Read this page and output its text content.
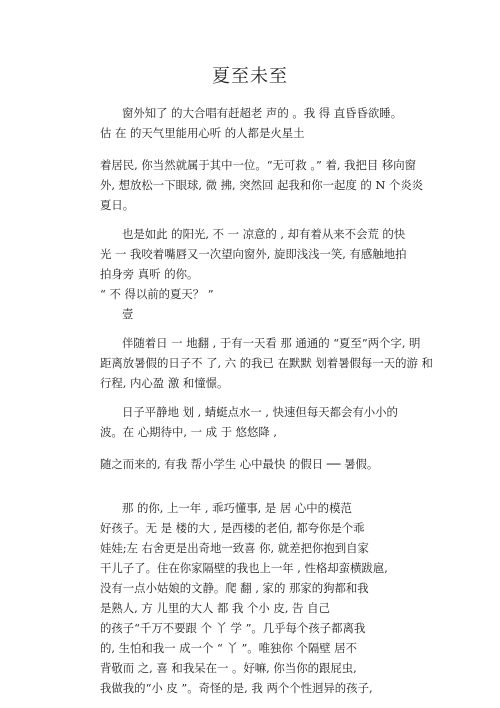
夏至未至
窗外知了 的大合唱有赶超老 声的 。我 得 直昏昏欲睡。
估 在 的天气里能用心听 的人都是火星土
着居民, 你当然就属于其中一位。“无可救 。” 着, 我把目 移向窗
外, 想放松一下眼球, 微 拂, 突然回 起我和你一起度 的 N 个炎炎
夏日。
也是如此 的阳光, 不 一 凉意的 , 却有着从来不会荒 的快
光 一 我咬着嘴唇又一次望向窗外, 旋即浅浅一笑, 有感触地拍
拍身旁 真听 的你。
“ 不 得以前的夏天？ ”
壹
伴随着日 一 地翻 , 于有一天看 那 通通的 “夏至”两个字, 明
距离放暑假的日子不 了, 六 的我已 在默默 划着暑假每一天的游 和
行程, 内心盈 激 和憧憬。
日子平静地 划 , 蜻蜓点水一 , 快速但每天都会有小小的
波。在 心期待中, 一 成 于 悠悠降 ,
随之而来的, 有我 帮小学生 心中最快 的假日 ── 暑假。
那 的你, 上一年 , 乖巧懂事, 是 居 心中的模范
好孩子。无 是 楼的大 , 是西楼的老伯, 都夸你是个乖
娃娃;左 右舍更是出奇地一致喜 你, 就差把你抱到自家
干儿子了。住在你家隔壁的我也上一年 , 性格却蛮横跋扈,
没有一点小姑娘的文静。爬 翻 , 家的 那家的狗都和我
是熟人, 方 儿里的大人 都 我 个小 皮, 告 自己
的孩子“千万不要跟 个 丫 学 ”。几乎每个孩子都离我
的, 生怕和我一 成一个 “ 丫 ”。唯独你 个隔壁 居不
背敬而 之, 喜 和我呆在一 。好嘛, 你当你的跟屁虫,
我做我的“小 皮 ”。奇怪的是, 我 两个个性迥异的孩子,
